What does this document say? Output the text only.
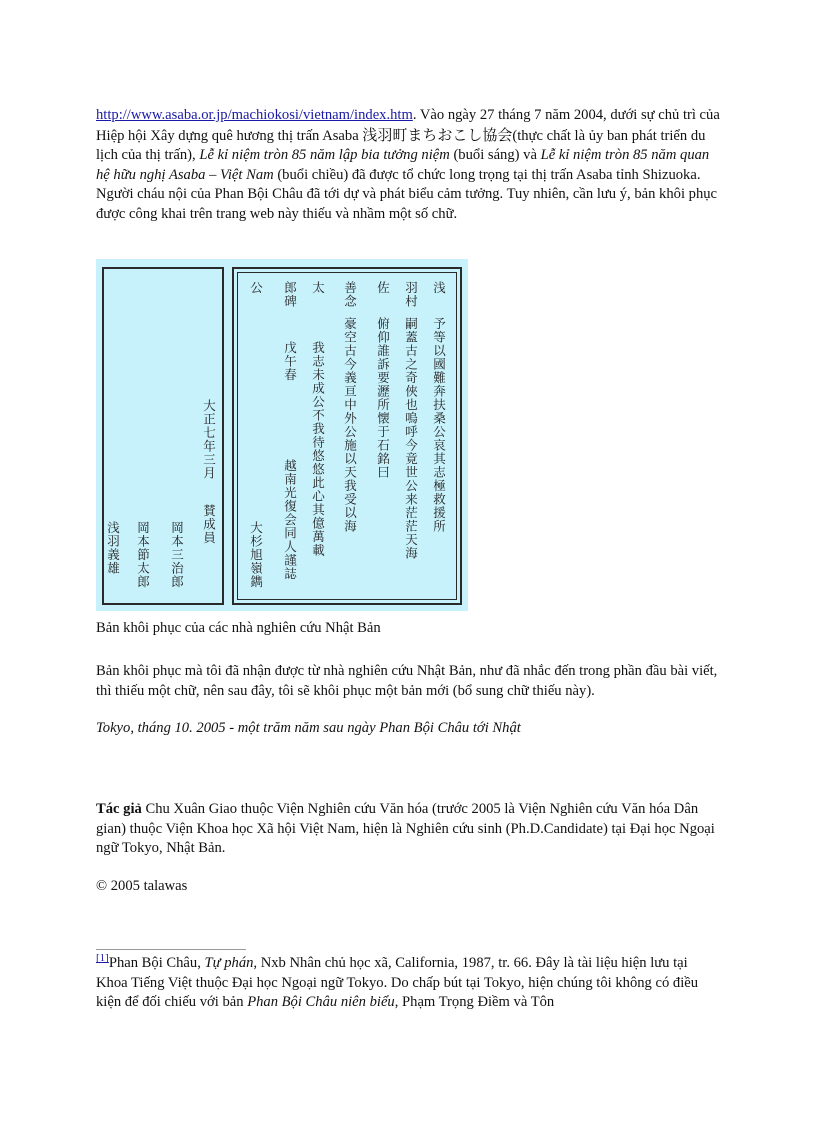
http://www.asaba.or.jp/machiokosi/vietnam/index.htm. Vào ngày 27 tháng 7 năm 2004, dưới sự chủ trì của Hiệp hội Xây dựng quê hương thị trấn Asaba 浅羽町まちおこし協会(thực chất là ủy ban phát triển du lịch của thị trấn), Lễ kỉ niệm tròn 85 năm lập bia tưởng niệm (buổi sáng) và Lễ kỉ niệm tròn 85 năm quan hệ hữu nghị Asaba – Việt Nam (buổi chiều) đã được tổ chức long trọng tại thị trấn Asaba tỉnh Shizuoka. Người cháu nội của Phan Bội Châu đã tới dự và phát biểu cảm tưởng. Tuy nhiên, cần lưu ý, bản khôi phục được công khai trên trang web này thiếu và nhầm một số chữ.

浅
羽村
佐
善念
太
郎碑
公
予等以國難奔扶桑公哀其志極救援所
嗣蓋古之奇俠也嗚呼今竟世公来茫茫天海
俯仰誰訴要瀝所懐于石銘曰
豪空古今義亘中外公施以天我受以海
我志未成公不我待悠悠此心其億萬載
戊午春
越南光復会同人謹誌
大杉旭嶺鐫
大正七年三月
賛成員
岡本三治郎
岡本節太郎
浅羽義雄
Bản khôi phục của các nhà nghiên cứu Nhật Bản
Bản khôi phục mà tôi đã nhận được từ nhà nghiên cứu Nhật Bản, như đã nhắc đến trong phần đầu bài viết, thì thiếu một chữ, nên sau đây, tôi sẽ khôi phục một bản mới (bổ sung chữ thiếu này).
Tokyo, tháng 10. 2005 - một trăm năm sau ngày Phan Bội Châu tới Nhật
Tác giả Chu Xuân Giao thuộc Viện Nghiên cứu Văn hóa (trước 2005 là Viện Nghiên cứu Văn hóa Dân gian) thuộc Viện Khoa học Xã hội Việt Nam, hiện là Nghiên cứu sinh (Ph.D.Candidate) tại Đại học Ngoại ngữ Tokyo, Nhật Bản.
© 2005 talawas
[1]Phan Bội Châu, Tự phán, Nxb Nhân chủ học xã, California, 1987, tr. 66. Đây là tài liệu hiện lưu tại Khoa Tiếng Việt thuộc Đại học Ngoại ngữ Tokyo. Do chấp bút tại Tokyo, hiện chúng tôi không có điều kiện để đối chiếu với bản Phan Bội Châu niên biểu, Phạm Trọng Điềm và Tôn
